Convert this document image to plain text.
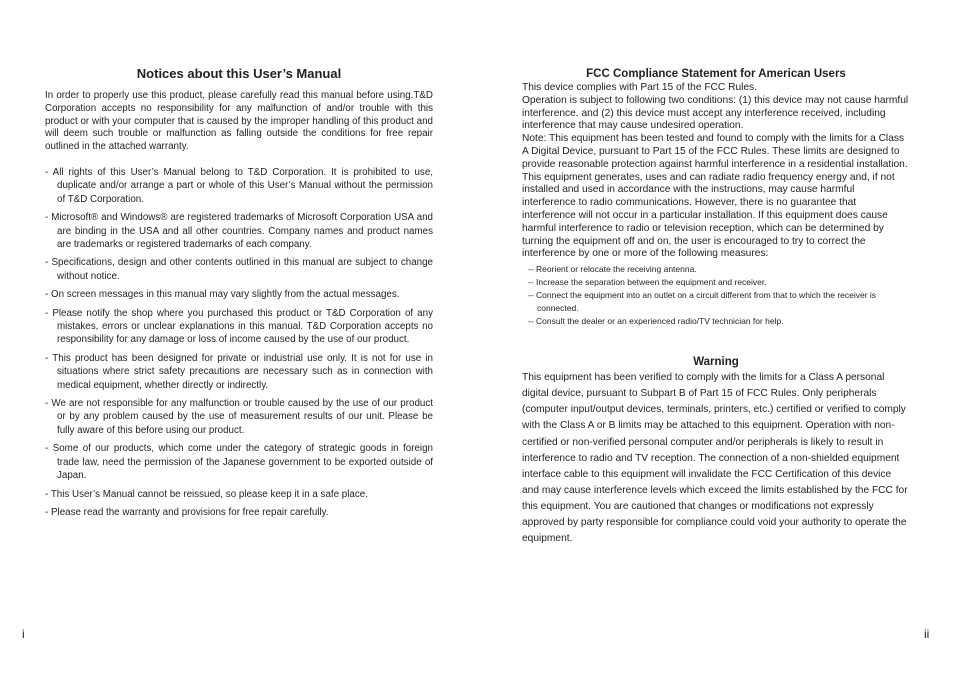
Notices about this User’s Manual

In order to properly use this product, please carefully read this manual before using.T&D Corporation accepts no responsibility for any malfunction of and/or trouble with this product or with your computer that is caused by the improper handling of this product and will deem such trouble or malfunction as falling outside the conditions for free repair outlined in the attached warranty.

- All rights of this User’s Manual belong to T&D Corporation. It is prohibited to use, duplicate and/or arrange a part or whole of this User’s Manual without the permission of T&D Corporation.
- Microsoft® and Windows® are registered trademarks of Microsoft Corporation USA and are binding in the USA and all other countries. Company names and product names are trademarks or registered trademarks of each company.
- Specifications, design and other contents outlined in this manual are subject to change without notice.
- On screen messages in this manual may vary slightly from the actual messages.
- Please notify the shop where you purchased this product or T&D Corporation of any mistakes, errors or unclear explanations in this manual. T&D Corporation accepts no responsibility for any damage or loss of income caused by the use of our product.
- This product has been designed for private or industrial use only. It is not for use in situations where strict safety precautions are necessary such as in connection with medical equipment, whether directly or indirectly.
- We are not responsible for any malfunction or trouble caused by the use of our product or by any problem caused by the use of measurement results of our unit. Please be fully aware of this before using our product.
- Some of our products, which come under the category of strategic goods in foreign trade law, need the permission of the Japanese government to be exported outside of Japan.
- This User’s Manual cannot be reissued, so please keep it in a safe place.
- Please read the warranty and provisions for free repair carefully.
FCC Compliance Statement for American Users

This device complies with Part 15 of the FCC Rules.

Operation is subject to following two conditions: (1) this device may not cause harmful interference. and (2) this device must accept any interference received, including interference that may cause undesired operation.

Note: This equipment has been tested and found to comply with the limits for a Class A Digital Device, pursuant to Part 15 of the FCC Rules. These limits are designed to provide reasonable protection against harmful interference in a residential installation. This equipment generates, uses and can radiate radio frequency energy and, if not installed and used in accordance with the instructions, may cause harmful interference to radio communications. However, there is no guarantee that interference will not occur in a particular installation. If this equipment does cause harmful interference to radio or television reception, which can be determined by turning the equipment off and on, the user is encouraged to try to correct the interference by one or more of the following measures:

-- Reorient or relocate the receiving antenna.
-- Increase the separation between the equipment and receiver.
-- Connect the equipment into an outlet on a circuit different from that to which the receiver is connected.
-- Consult the dealer or an experienced radio/TV technician for help.
Warning

This equipment has been verified to comply with the limits for a Class A personal digital device, pursuant to Subpart B of Part 15 of FCC Rules. Only peripherals (computer input/output devices, terminals, printers, etc.) certified or verified to comply with the Class A or B limits may be attached to this equipment. Operation with non-certified or non-verified personal computer and/or peripherals is likely to result in interference to radio and TV reception. The connection of a non-shielded equipment interface cable to this equipment will invalidate the FCC Certification of this device and may cause interference levels which exceed the limits established by the FCC for this equipment. You are cautioned that changes or modifications not expressly approved by party responsible for compliance could void your authority to operate the equipment.

i	ii
